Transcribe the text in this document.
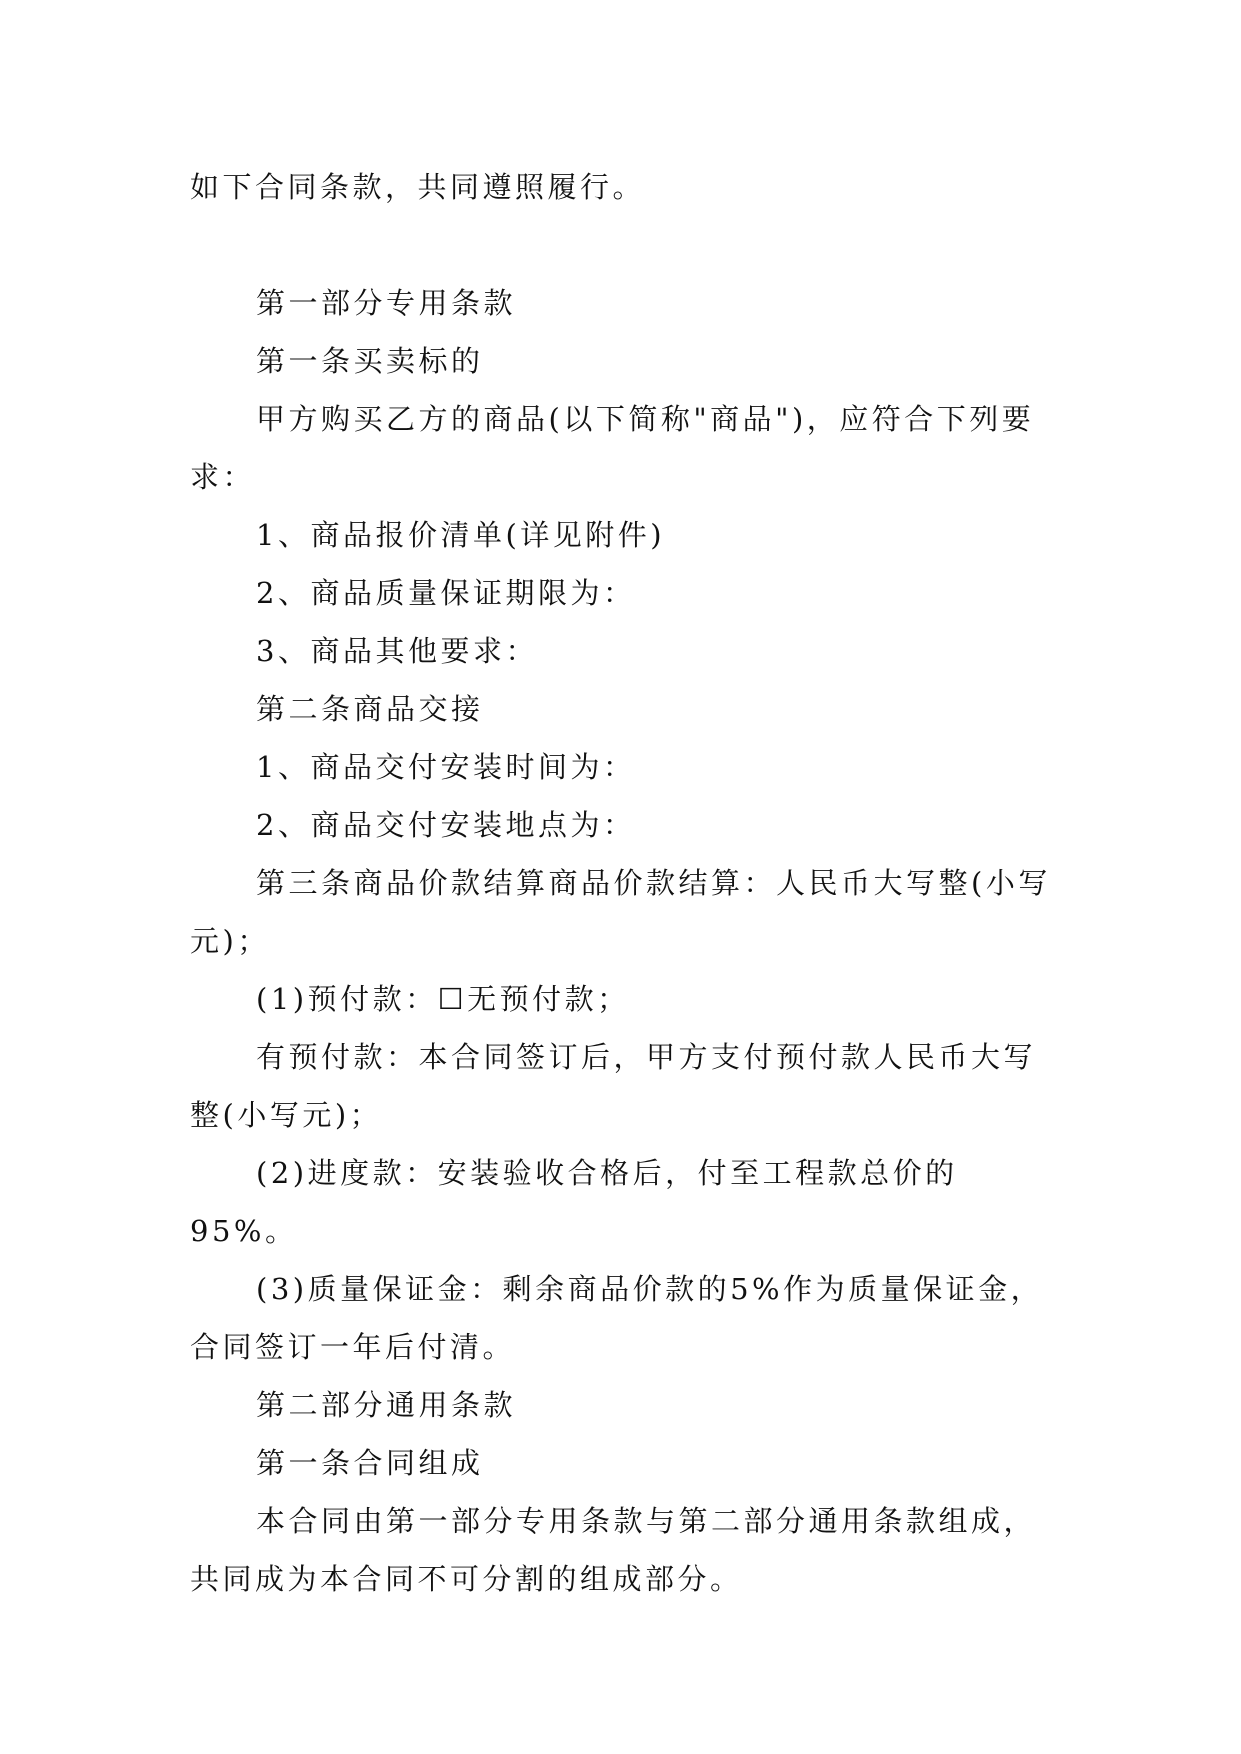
如下合同条款，共同遵照履行。

第一部分专用条款

第一条买卖标的

甲方购买乙方的商品(以下简称"商品")，应符合下列要求：

1、商品报价清单(详见附件)

2、商品质量保证期限为：

3、商品其他要求：

第二条商品交接

1、商品交付安装时间为：

2、商品交付安装地点为：

第三条商品价款结算商品价款结算：人民币大写整(小写元)；

(1)预付款：☐无预付款；

有预付款：本合同签订后，甲方支付预付款人民币大写整(小写元)；

(2)进度款：安装验收合格后，付至工程款总价的95%。

(3)质量保证金：剩余商品价款的5%作为质量保证金，合同签订一年后付清。

第二部分通用条款

第一条合同组成

本合同由第一部分专用条款与第二部分通用条款组成，共同成为本合同不可分割的组成部分。
